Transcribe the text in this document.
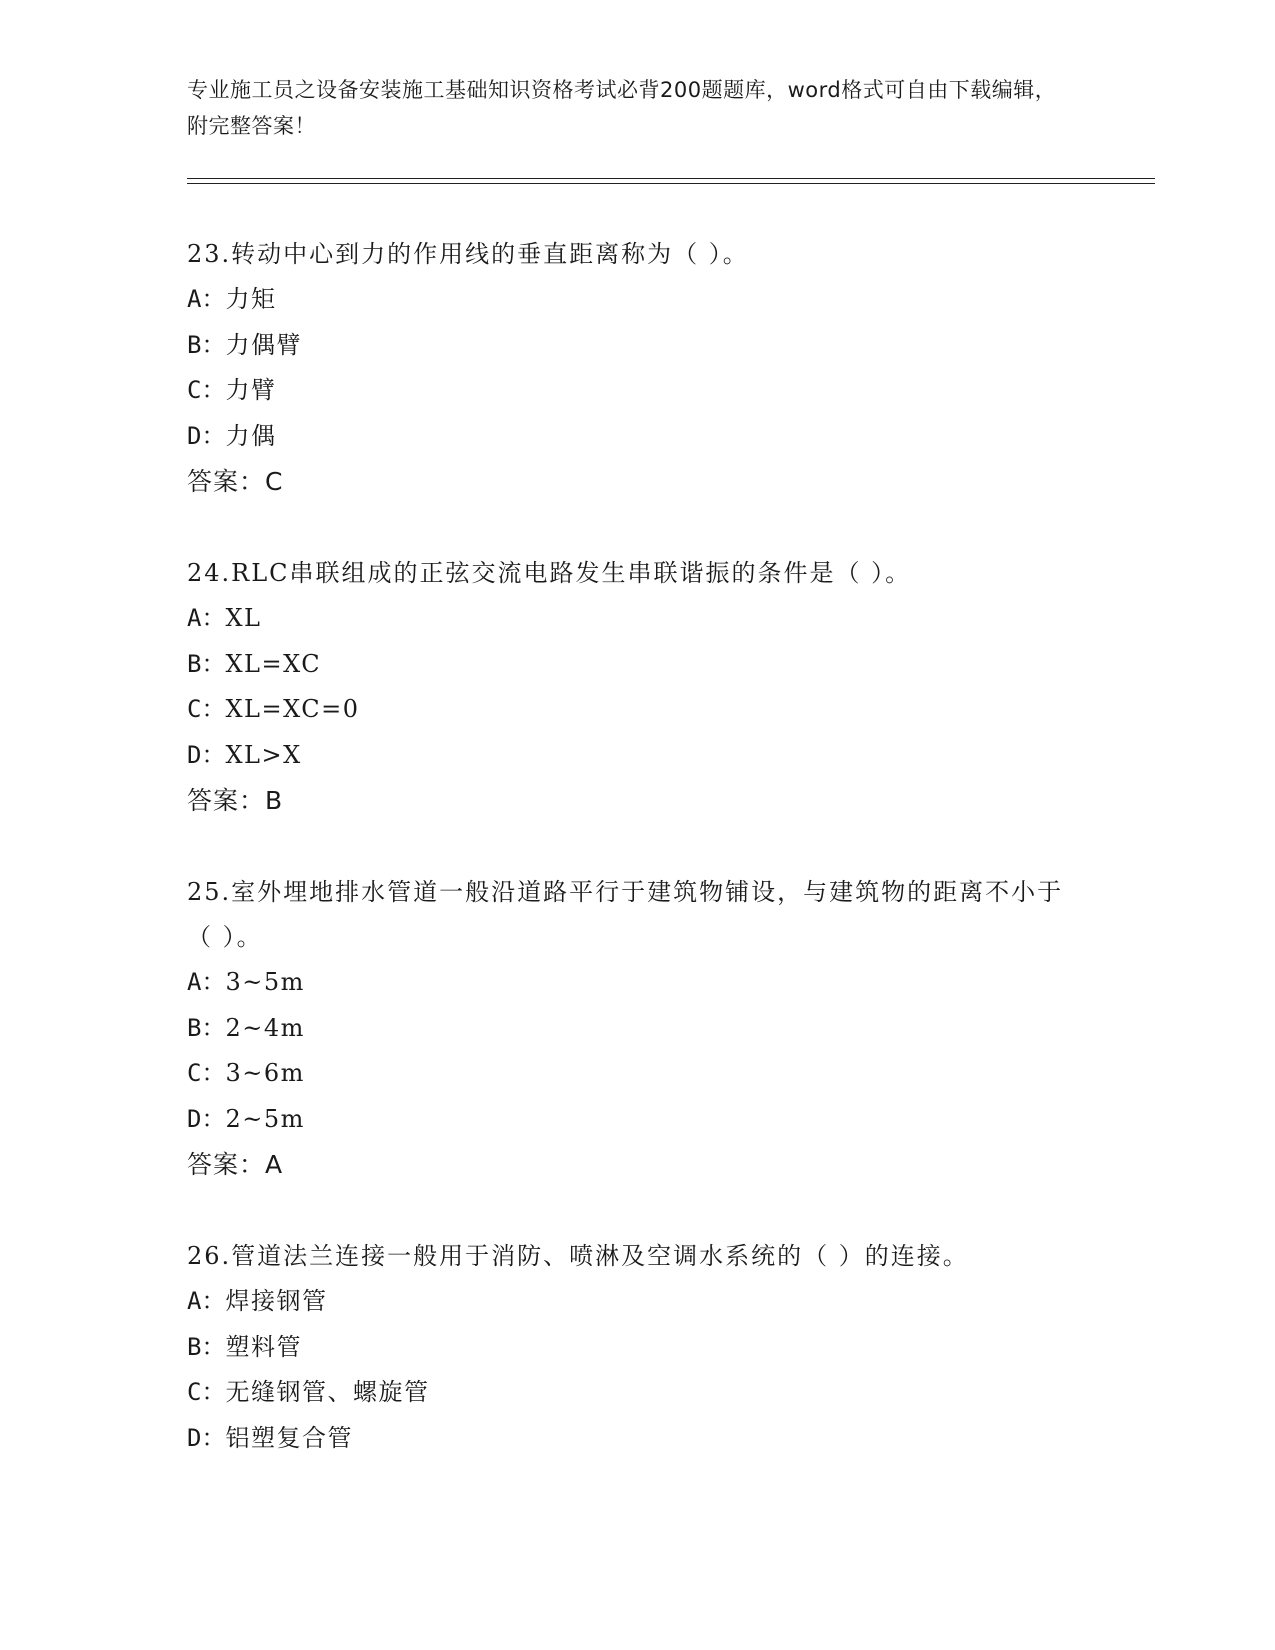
专业施工员之设备安装施工基础知识资格考试必背200题题库，word格式可自由下载编辑，附完整答案！
23.转动中心到力的作用线的垂直距离称为（ ）。
A：力矩
B：力偶臂
C：力臂
D：力偶
答案：C
24.RLC串联组成的正弦交流电路发生串联谐振的条件是（ ）。
A：XL
B：XL=XC
C：XL=XC=0
D：XL>X
答案：B
25.室外埋地排水管道一般沿道路平行于建筑物铺设，与建筑物的距离不小于（ ）。
A：3~5m
B：2~4m
C：3~6m
D：2~5m
答案：A
26.管道法兰连接一般用于消防、喷淋及空调水系统的（ ）的连接。
A：焊接钢管
B：塑料管
C：无缝钢管、螺旋管
D：铝塑复合管
